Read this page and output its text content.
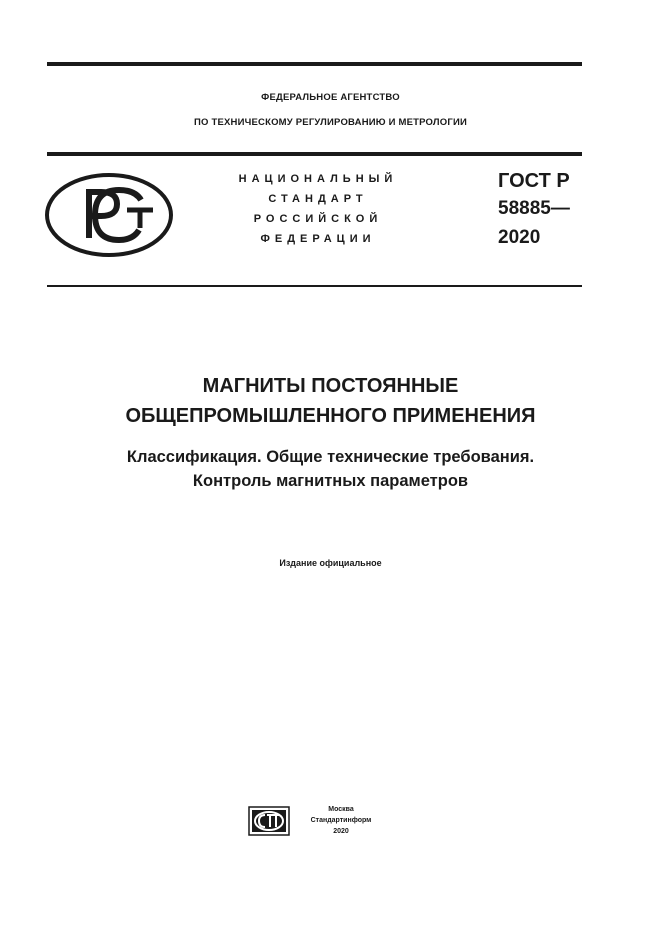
ФЕДЕРАЛЬНОЕ АГЕНТСТВО
ПО ТЕХНИЧЕСКОМУ РЕГУЛИРОВАНИЮ И МЕТРОЛОГИИ
НАЦИОНАЛЬНЫЙ
СТАНДАРТ
РОССИЙСКОЙ
ФЕДЕРАЦИИ
ГОСТ Р
58885—
2020
МАГНИТЫ ПОСТОЯННЫЕ
ОБЩЕПРОМЫШЛЕННОГО ПРИМЕНЕНИЯ
Классификация. Общие технические требования.
Контроль магнитных параметров
Издание официальное
Москва
Стандартинформ
2020
